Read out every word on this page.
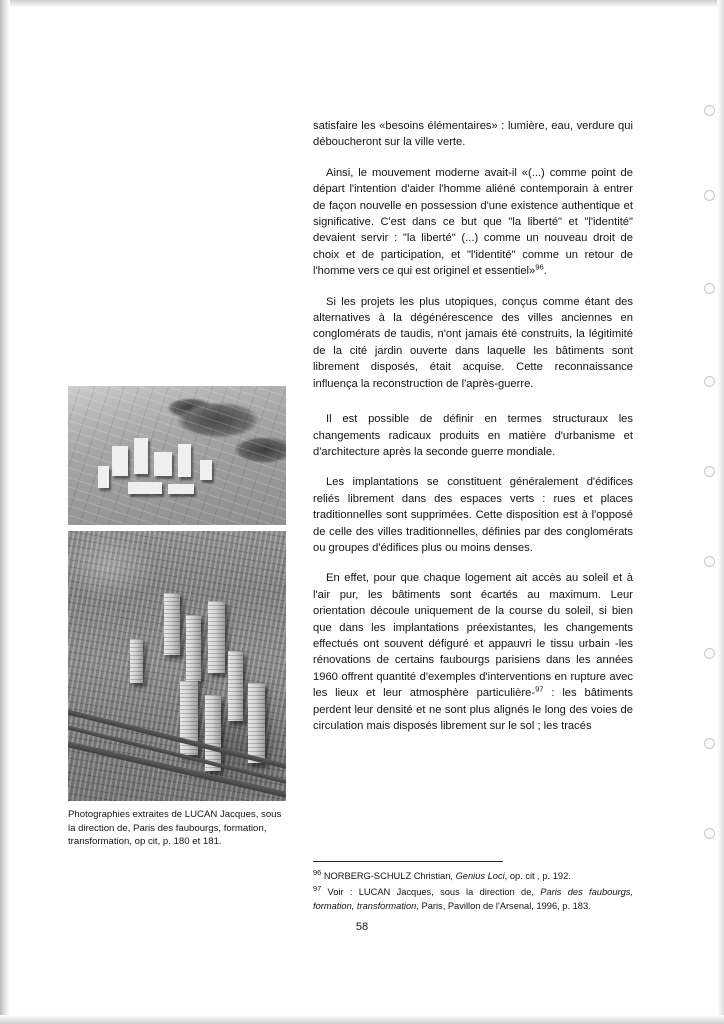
Photographies extraites de LUCAN Jacques, sous la direction de, Paris des faubourgs, formation, transformation, op cit, p. 180 et 181.

satisfaire les «besoins élémentaires» : lumière, eau, verdure qui déboucheront sur la ville verte.

Ainsi, le mouvement moderne avait-il «(...) comme point de départ l'intention d'aider l'homme aliéné contemporain à entrer de façon nouvelle en possession d'une existence authentique et significative. C'est dans ce but que "la liberté" et "l'identité" devaient servir : "la liberté" (...) comme un nouveau droit de choix et de participation, et "l'identité" comme un retour de l'homme vers ce qui est originel et essentiel»$^{96}$.

Si les projets les plus utopiques, conçus comme étant des alternatives à la dégénérescence des villes anciennes en conglomérats de taudis, n'ont jamais été construits, la légitimité de la cité jardin ouverte dans laquelle les bâtiments sont librement disposés, était acquise. Cette reconnaissance influença la reconstruction de l'après-guerre.

Il est possible de définir en termes structuraux les changements radicaux produits en matière d'urbanisme et d'architecture après la seconde guerre mondiale.

Les implantations se constituent généralement d'édifices reliés librement dans des espaces verts : rues et places traditionnelles sont supprimées. Cette disposition est à l'opposé de celle des villes traditionnelles, définies par des conglomérats ou groupes d'édifices plus ou moins denses.

En effet, pour que chaque logement ait accès au soleil et à l'air pur, les bâtiments sont écartés au maximum. Leur orientation découle uniquement de la course du soleil, si bien que dans les implantations préexistantes, les changements effectués ont souvent défiguré et appauvri le tissu urbain -les rénovations de certains faubourgs parisiens dans les années 1960 offrent quantité d'exemples d'interventions en rupture avec les lieux et leur atmosphère particulière-$^{97}$ : les bâtiments perdent leur densité et ne sont plus alignés le long des voies de circulation mais disposés librement sur le sol ; les tracés

$^{96}$ NORBERG-SCHULZ Christian, Genius Loci, op. cit , p. 192.

$^{97}$ Voir : LUCAN Jacques, sous la direction de, Paris des faubourgs, formation, transformation, Paris, Pavillon de l'Arsenal, 1996, p. 183.

58
